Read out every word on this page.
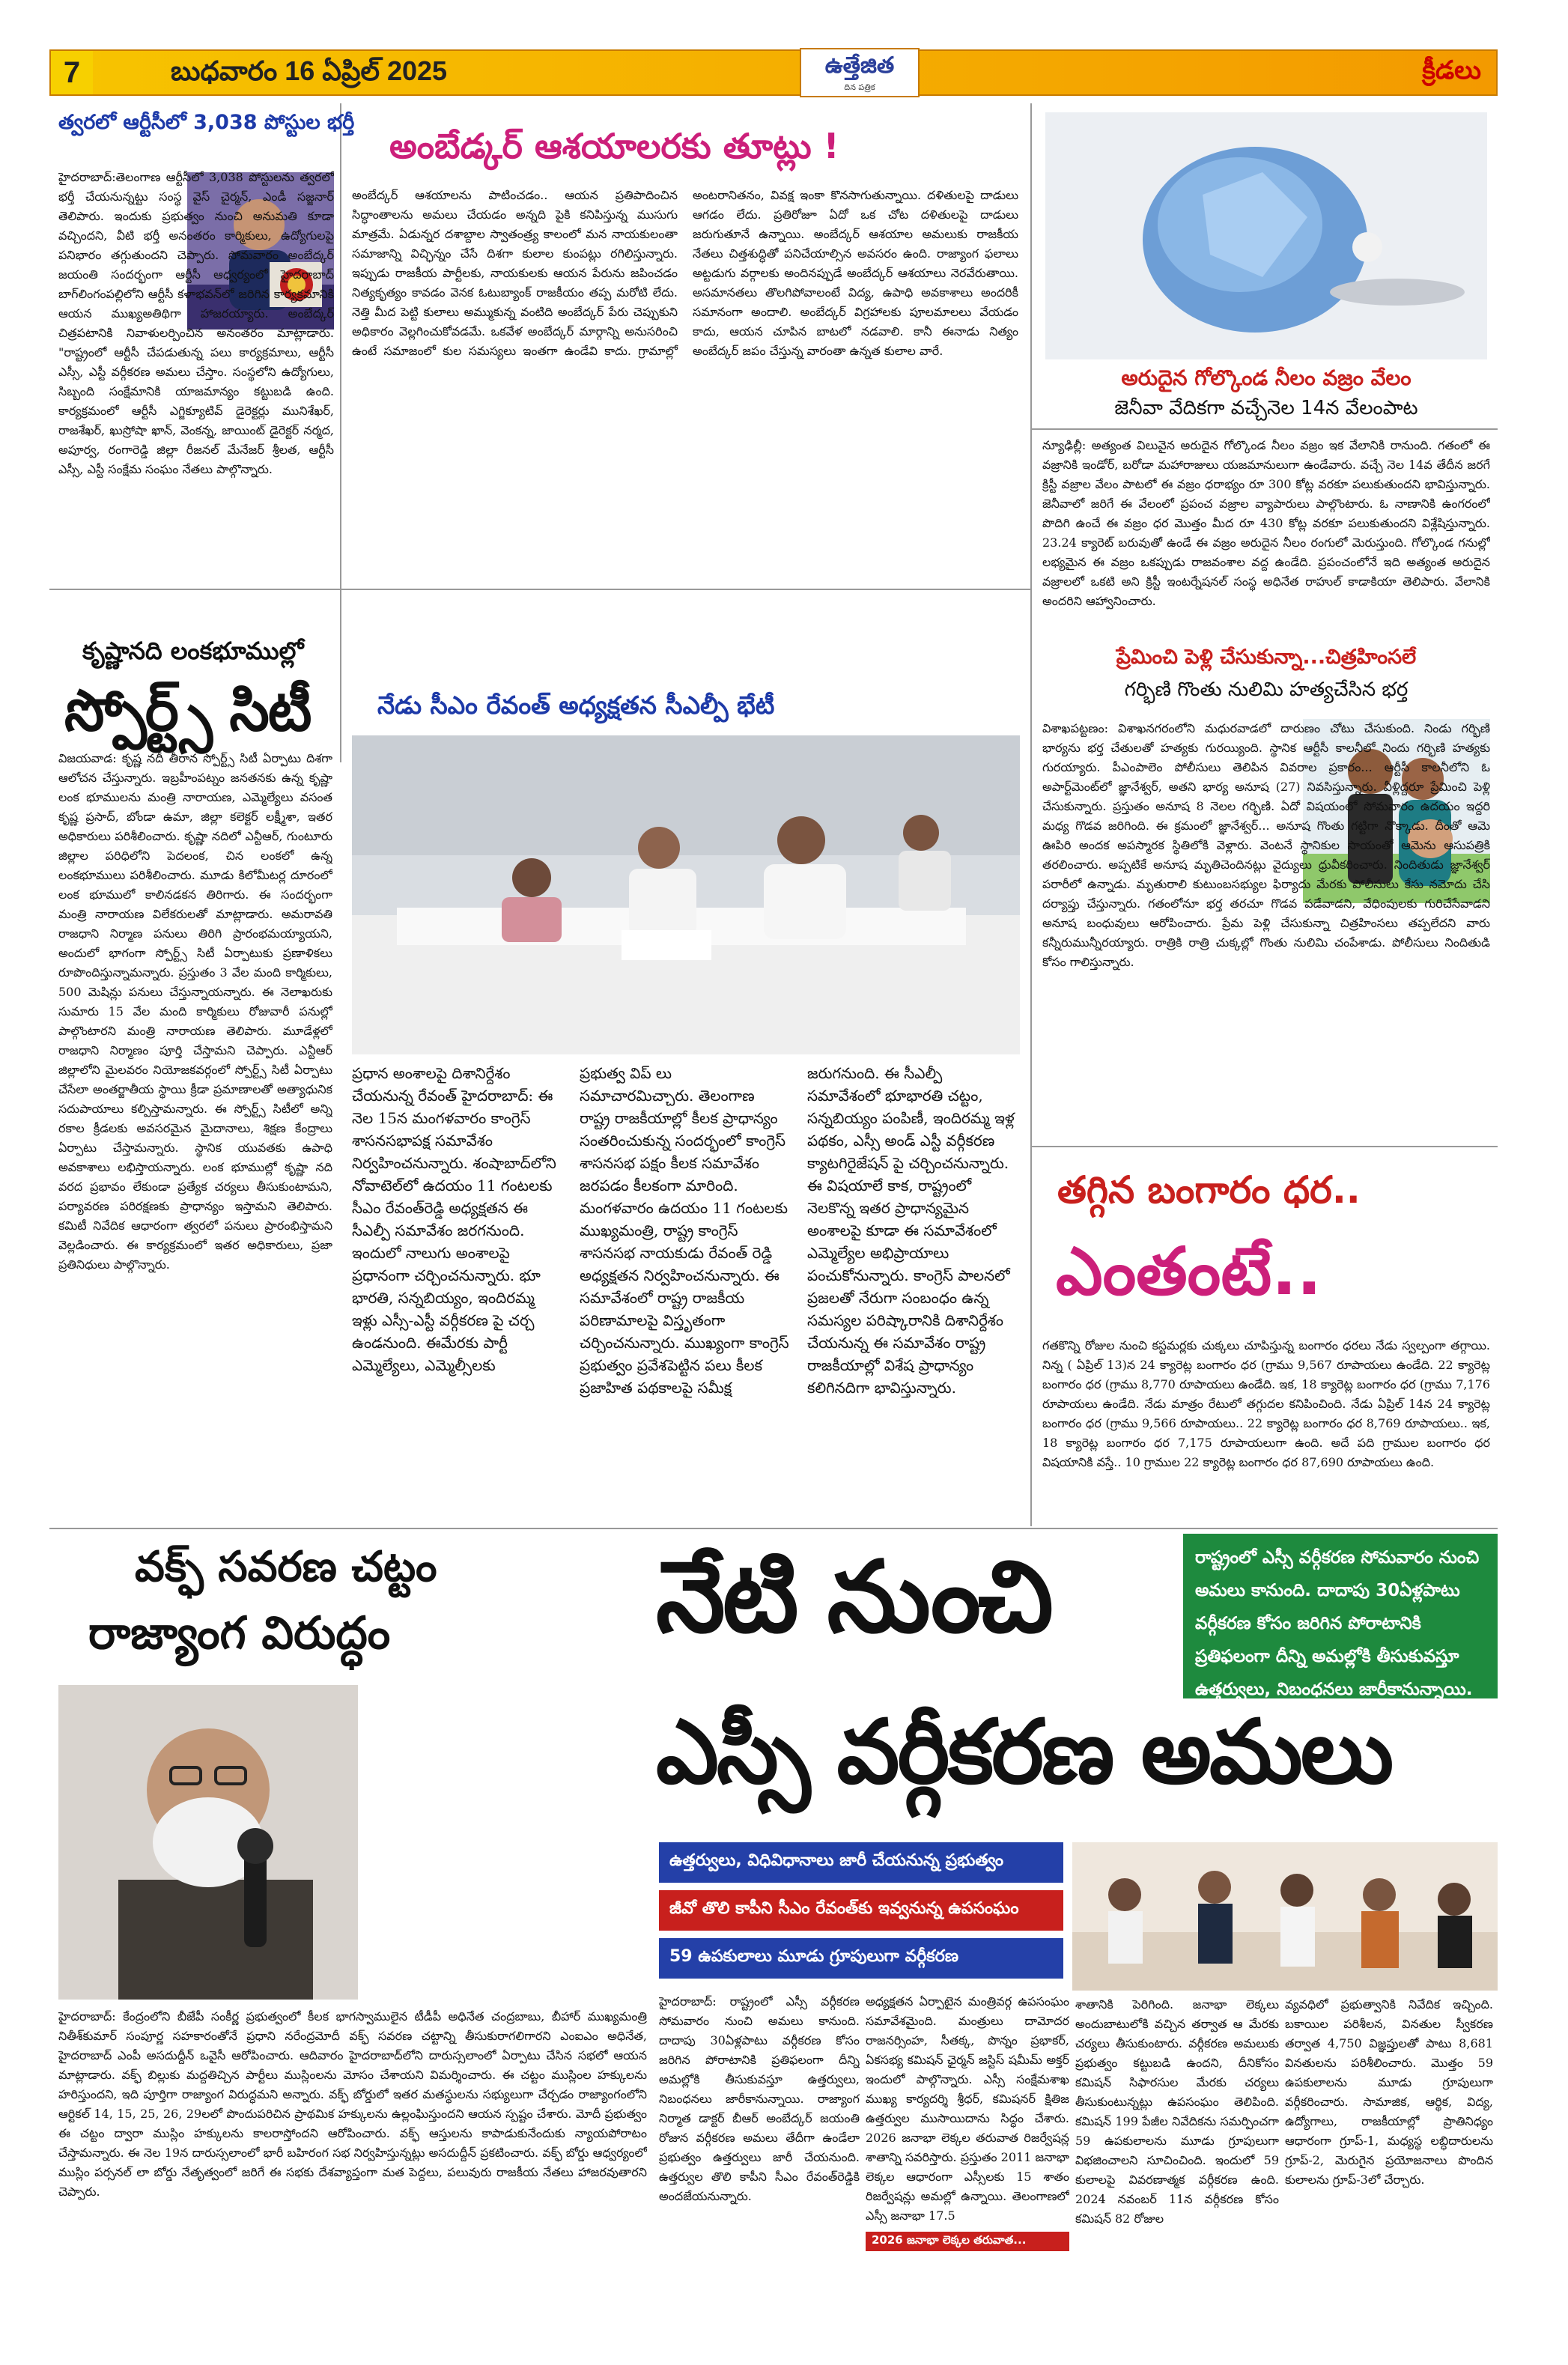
7	బుధవారం 16 ఏప్రిల్ 2025	ఉత్తేజిత
దిన పత్రిక
క్రీడలు
త్వరలో ఆర్టీసీలో 3,038 పోస్టుల భర్తీ
హైదరాబాద్:తెలంగాణ ఆర్టీసీలో 3,038 పోస్టులను త్వరలో భర్తీ చేయనున్నట్టు సంస్థ వైస్ చైర్మన్, ఎండీ సజ్జనార్ తెలిపారు. ఇందుకు ప్రభుత్వం నుంచి అనుమతి కూడా వచ్చిందని, వీటి భర్తీ అనంతరం కార్మికులు, ఉద్యోగులపై పనిభారం తగ్గుతుందని చెప్పారు. సోమవారం అంబేద్కర్ జయంతి సందర్భంగా ఆర్టీసీ ఆధ్వర్యంలో హైదరాబాద్ బాగ్‌లింగంపల్లిలోని ఆర్టీసీ కళాభవన్‌లో జరిగిన కార్యక్రమానికి ఆయన ముఖ్యఅతిథిగా హాజరయ్యారు. అంబేద్కర్ చిత్రపటానికి నివాళులర్పించిన అనంతరం మాట్లాడారు. "రాష్ట్రంలో ఆర్టీసీ చేపడుతున్న పలు కార్యక్రమాలు, ఆర్టీసీ ఎస్సీ, ఎస్టీ వర్గీకరణ అమలు చేస్తాం. సంస్థలోని ఉద్యోగులు, సిబ్బంది సంక్షేమానికి యాజమాన్యం కట్టుబడి ఉంది. కార్యక్రమంలో ఆర్టీసీ ఎగ్జిక్యూటివ్ డైరెక్టర్లు మునిశేఖర్, రాజశేఖర్, ఖుస్రోషా ఖాన్, వెంకన్న, జాయింట్ డైరెక్టర్ నర్మద, అపూర్వ, రంగారెడ్డి జిల్లా రీజనల్ మేనేజర్ శ్రీలత, ఆర్టీసీ ఎస్సీ, ఎస్టీ సంక్షేమ సంఘం నేతలు పాల్గొన్నారు.
అంబేడ్కర్ ఆశయాలరకు తూట్లు !
అంబేద్కర్ ఆశయాలను పాటించడం.. ఆయన ప్రతిపాదించిన సిద్ధాంతాలను అమలు చేయడం అన్నది పైకి కనిపిస్తున్న ముసుగు మాత్రమే. ఏడున్నర దశాబ్దాల స్వాతంత్ర్య కాలంలో మన నాయకులంతా సమాజాన్ని విచ్ఛిన్నం చేసే దిశగా కులాల కుంపట్లు రగిలిస్తున్నారు. ఇప్పుడు రాజకీయ పార్టీలకు, నాయకులకు ఆయన పేరును జపించడం నిత్యకృత్యం కావడం వెనక ఓటుబ్యాంక్ రాజకీయం తప్ప మరోటి లేదు. నెత్తి మీద పెట్టి కులాలు అమ్ముకున్న వంటిది అంబేద్కర్ పేరు చెప్పుకుని అధికారం వెల్లగించుకోవడమే. ఒకవేళ అంబేద్కర్ మార్గాన్ని అనుసరించి ఉంటే సమాజంలో కుల సమస్యలు ఇంతగా ఉండేవి కాదు. గ్రామాల్లో అంటరానితనం, వివక్ష ఇంకా కొనసాగుతున్నాయి. దళితులపై దాడులు ఆగడం లేదు. ప్రతిరోజూ ఏదో ఒక చోట దళితులపై దాడులు జరుగుతూనే ఉన్నాయి. అంబేద్కర్ ఆశయాల అమలుకు రాజకీయ నేతలు చిత్తశుద్ధితో పనిచేయాల్సిన అవసరం ఉంది. రాజ్యాంగ ఫలాలు అట్టడుగు వర్గాలకు అందినప్పుడే అంబేద్కర్ ఆశయాలు నెరవేరుతాయి. అసమానతలు తొలగిపోవాలంటే విద్య, ఉపాధి అవకాశాలు అందరికీ సమానంగా అందాలి. అంబేద్కర్ విగ్రహాలకు పూలమాలలు వేయడం కాదు, ఆయన చూపిన బాటలో నడవాలి. కానీ ఈనాడు నిత్యం అంబేద్కర్ జపం చేస్తున్న వారంతా ఉన్నత కులాల వారే.
అరుదైన గోల్కొండ నీలం వజ్రం వేలం
జెనీవా వేదికగా వచ్చేనెల 14న వేలంపాట
న్యూఢిల్లీ: అత్యంత విలువైన అరుదైన గోల్కొండ నీలం వజ్రం ఇక వేలానికి రానుంది. గతంలో ఈ వజ్రానికి ఇండోర్, బరోడా మహారాజులు యజమానులుగా ఉండేవారు. వచ్చే నెల 14వ తేదీన జరగే క్రిస్టీ వజ్రాల వేలం పాటలో ఈ వజ్రం ధరాభ్యం రూ 300 కోట్ల వరకూ పలుకుతుందని భావిస్తున్నారు. జెనీవాలో జరిగే ఈ వేలంలో ప్రపంచ వజ్రాల వ్యాపారులు పాల్గొంటారు. ఓ నాణానికి ఉంగరంలో పొదిగి ఉంచే ఈ వజ్రం ధర మొత్తం మీద రూ 430 కోట్ల వరకూ పలుకుతుందని విశ్లేషిస్తున్నారు. 23.24 క్యారెట్ బరువుతో ఉండే ఈ వజ్రం అరుదైన నీలం రంగులో మెరుస్తుంది. గోల్కొండ గనుల్లో లభ్యమైన ఈ వజ్రం ఒకప్పుడు రాజవంశాల వద్ద ఉండేది. ప్రపంచంలోనే ఇది అత్యంత అరుదైన వజ్రాలలో ఒకటి అని క్రిస్టీ ఇంటర్నేషనల్ సంస్థ అధినేత రాహుల్ కాడాకియా తెలిపారు. వేలానికి అందరిని ఆహ్వానించారు.
ప్రేమించి పెళ్లి చేసుకున్నా...చిత్రహింసలే
గర్భిణి గొంతు నులిమి హత్యచేసిన భర్త
విశాఖపట్టణం: విశాఖనగరంలోని మధురవాడలో దారుణం చోటు చేసుకుంది. నిండు గర్భిణి భార్యను భర్త చేతులతో హత్యకు గురయ్యింది. స్థానిక ఆర్టీసీ కాలనీలో నిందు గర్భిణి హత్యకు గురయ్యారు. పీఎంపాలెం పోలీసులు తెలిపిన వివరాల ప్రకారం... ఆర్టీసీ కాలనీలోని ఓ అపార్ట్‌మెంట్‌లో జ్ఞానేశ్వర్, అతని భార్య అనూష (27) నివసిస్తున్నారు. వీళ్లిద్దరూ ప్రేమించి పెళ్లి చేసుకున్నారు. ప్రస్తుతం అనూష 8 నెలల గర్భిణి. ఏదో విషయంలో సోమవారం ఉదయం ఇద్దరి మధ్య గొడవ జరిగింది. ఈ క్రమంలో జ్ఞానేశ్వర్... అనూష గొంతు గట్టిగా నొక్కాడు. దీంతో ఆమె ఊపిరి అందక అపస్మారక స్థితిలోకి వెళ్లారు. వెంటనే స్థానికుల సాయంతో ఆమెను ఆసుపత్రికి తరలించారు. అప్పటికే అనూష మృతిచెందినట్లు వైద్యులు ధ్రువీకరించారు. నిందితుడు జ్ఞానేశ్వర్ పరారీలో ఉన్నాడు. మృతురాలి కుటుంబసభ్యుల ఫిర్యాదు మేరకు పోలీసులు కేసు నమోదు చేసి దర్యాప్తు చేస్తున్నారు. గతంలోనూ భర్త తరచూ గొడవ పడేవాడని, వేధింపులకు గురిచేసేవాడని అనూష బంధువులు ఆరోపించారు. ప్రేమ పెళ్లి చేసుకున్నా చిత్రహింసలు తప్పలేదని వారు కన్నీరుమున్నీరయ్యారు. రాత్రికి రాత్రి చుక్కల్లో గొంతు నులిమి చంపేశాడు. పోలీసులు నిందితుడి కోసం గాలిస్తున్నారు.
కృష్ణానది లంకభూముల్లో
స్పోర్ట్స్ సిటీ
విజయవాడ: కృష్ణ నదీ తీరాన స్పోర్ట్స్ సిటీ ఏర్పాటు దిశగా ఆలోచన చేస్తున్నారు. ఇబ్రహీంపట్నం జనతనకు ఉన్న కృష్ణా లంక భూములను మంత్రి నారాయణ, ఎమ్మెల్యేలు వసంత కృష్ణ ప్రసాద్, బోండా ఉమా, జిల్లా కలెక్టర్ లక్ష్మీశా, ఇతర అధికారులు పరిశీలించారు. కృష్ణా నదిలో ఎన్టీఆర్, గుంటూరు జిల్లాల పరిధిలోని పెదలంక, చిన లంకలో ఉన్న లంకభూములు పరిశీలించారు. మూడు కిలోమీటర్ల దూరంలో లంక భూములో కాలినడకన తిరిగారు. ఈ సందర్భంగా మంత్రి నారాయణ విలేకరులతో మాట్లాడారు. అమరావతి రాజధాని నిర్మాణ పనులు తిరిగి ప్రారంభమయ్యాయని, అందులో భాగంగా స్పోర్ట్స్ సిటీ ఏర్పాటుకు ప్రణాళికలు రూపొందిస్తున్నామన్నారు. ప్రస్తుతం 3 వేల మంది కార్మికులు, 500 మెషిన్లు పనులు చేస్తున్నాయన్నారు. ఈ నెలాఖరుకు సుమారు 15 వేల మంది కార్మికులు రోజువారీ పనుల్లో పాల్గొంటారని మంత్రి నారాయణ తెలిపారు. మూడేళ్లలో రాజధాని నిర్మాణం పూర్తి చేస్తామని చెప్పారు. ఎన్టీఆర్ జిల్లాలోని మైలవరం నియోజకవర్గంలో స్పోర్ట్స్ సిటీ ఏర్పాటు చేసేలా అంతర్జాతీయ స్థాయి క్రీడా ప్రమాణాలతో అత్యాధునిక సదుపాయాలు కల్పిస్తామన్నారు. ఈ స్పోర్ట్స్ సిటీలో అన్ని రకాల క్రీడలకు అవసరమైన మైదానాలు, శిక్షణ కేంద్రాలు ఏర్పాటు చేస్తామన్నారు. స్థానిక యువతకు ఉపాధి అవకాశాలు లభిస్తాయన్నారు. లంక భూముల్లో కృష్ణా నది వరద ప్రభావం లేకుండా ప్రత్యేక చర్యలు తీసుకుంటామని, పర్యావరణ పరిరక్షణకు ప్రాధాన్యం ఇస్తామని తెలిపారు. కమిటీ నివేదిక ఆధారంగా త్వరలో పనులు ప్రారంభిస్తామని వెల్లడించారు. ఈ కార్యక్రమంలో ఇతర అధికారులు, ప్రజా ప్రతినిధులు పాల్గొన్నారు.
నేడు సీఎం రేవంత్ అధ్యక్షతన సీఎల్పీ భేటీ
ప్రధాన అంశాలపై దిశానిర్దేశం చేయనున్న రేవంత్ హైదరాబాద్: ఈ నెల 15న మంగళవారం కాంగ్రెస్ శాసనసభాపక్ష సమావేశం నిర్వహించనున్నారు. శంషాబాద్‌లోని నోవాటెల్‌లో ఉదయం 11 గంటలకు సీఎం రేవంత్‌రెడ్డి అధ్యక్షతన ఈ సీఎల్పీ సమావేశం జరగనుంది. ఇందులో నాలుగు అంశాలపై ప్రధానంగా చర్చించనున్నారు. భూ భారతి, సన్నబియ్యం, ఇందిరమ్మ ఇళ్లు ఎస్సీ-ఎస్టీ వర్గీకరణ పై చర్చ ఉండనుంది. ఈమేరకు పార్టీ ఎమ్మెల్యేలు, ఎమ్మెల్సీలకు
ప్రభుత్వ విప్ లు సమాచారమిచ్చారు. తెలంగాణ రాష్ట్ర రాజకీయాల్లో కీలక ప్రాధాన్యం సంతరించుకున్న సందర్భంలో కాంగ్రెస్ శాసనసభ పక్షం కీలక సమావేశం జరపడం కీలకంగా మారింది. మంగళవారం ఉదయం 11 గంటలకు ముఖ్యమంత్రి, రాష్ట్ర కాంగ్రెస్ శాసనసభ నాయకుడు రేవంత్ రెడ్డి అధ్యక్షతన నిర్వహించనున్నారు. ఈ సమావేశంలో రాష్ట్ర రాజకీయ పరిణామాలపై విస్తృతంగా చర్చించనున్నారు. ముఖ్యంగా కాంగ్రెస్ ప్రభుత్వం ప్రవేశపెట్టిన పలు కీలక ప్రజాహిత పథకాలపై సమీక్ష
జరుగనుంది. ఈ సీఎల్పీ సమావేశంలో భూభారతి చట్టం, సన్నబియ్యం పంపిణీ, ఇందిరమ్మ ఇళ్ల పథకం, ఎస్సీ అండ్ ఎస్టీ వర్గీకరణ క్యాటగిరైజేషన్ పై చర్చించనున్నారు. ఈ విషయాలే కాక, రాష్ట్రంలో నెలకొన్న ఇతర ప్రాధాన్యమైన అంశాలపై కూడా ఈ సమావేశంలో ఎమ్మెల్యేల అభిప్రాయాలు పంచుకోనున్నారు. కాంగ్రెస్ పాలనలో ప్రజలతో నేరుగా సంబంధం ఉన్న సమస్యల పరిష్కారానికి దిశానిర్దేశం చేయనున్న ఈ సమావేశం రాష్ట్ర రాజకీయాల్లో విశేష ప్రాధాన్యం కలిగినదిగా భావిస్తున్నారు.
తగ్గిన బంగారం ధర..
ఎంతంటే..
గతకొన్ని రోజుల నుంచి కస్టమర్లకు చుక్కలు చూపిస్తున్న బంగారం ధరలు నేడు స్వల్పంగా తగ్గాయి. నిన్న ( ఏప్రిల్ 13)న 24 క్యారెట్ల బంగారం ధర (గ్రాము 9,567 రూపాయలు ఉండేది. 22 క్యారెట్ల బంగారం ధర (గ్రాము 8,770 రూపాయలు ఉండేది. ఇక, 18 క్యారెట్ల బంగారం ధర (గ్రాము 7,176 రూపాయలు ఉండేది. నేడు మాత్రం రేటులో తగ్గుదల కనిపించింది. నేడు ఏప్రిల్ 14న 24 క్యారెట్ల బంగారం ధర (గ్రాము 9,566 రూపాయలు.. 22 క్యారెట్ల బంగారం ధర 8,769 రూపాయలు.. ఇక, 18 క్యారెట్ల బంగారం ధర 7,175 రూపాయలుగా ఉంది. అదే పది గ్రాముల బంగారం ధర విషయానికి వస్తే.. 10 గ్రాముల 22 క్యారెట్ల బంగారం ధర 87,690 రూపాయలు ఉంది.
వక్ఫ్ సవరణ చట్టం
రాజ్యాంగ విరుద్ధం
హైదరాబాద్: కేంద్రంలోని బీజేపీ సంకీర్ణ ప్రభుత్వంలో కీలక భాగస్వాములైన టీడీపీ అధినేత చంద్రబాబు, బీహార్ ముఖ్యమంత్రి నితీశ్‌కుమార్ సంపూర్ణ సహకారంతోనే ప్రధాని నరేంద్రమోదీ వక్ఫ్ సవరణ చట్టాన్ని తీసుకురాగలిగారని ఎంఐఎం అధినేత, హైదరాబాద్ ఎంపీ అసదుద్దీన్ ఒవైసీ ఆరోపించారు. ఆదివారం హైదరాబాద్‌లోని దారుస్సలాంలో ఏర్పాటు చేసిన సభలో ఆయన మాట్లాడారు. వక్ఫ్ బిల్లుకు మద్దతిచ్చిన పార్టీలు ముస్లింలను మోసం చేశాయని విమర్శించారు. ఈ చట్టం ముస్లింల హక్కులను హరిస్తుందని, ఇది పూర్తిగా రాజ్యాంగ విరుద్ధమని అన్నారు. వక్ఫ్ బోర్డులో ఇతర మతస్థులను సభ్యులుగా చేర్చడం రాజ్యాంగంలోని ఆర్టికల్ 14, 15, 25, 26, 29లలో పొందుపరిచిన ప్రాథమిక హక్కులను ఉల్లంఘిస్తుందని ఆయన స్పష్టం చేశారు. మోదీ ప్రభుత్వం ఈ చట్టం ద్వారా ముస్లిం హక్కులను కాలరాస్తోందని ఆరోపించారు. వక్ఫ్ ఆస్తులను కాపాడుకునేందుకు న్యాయపోరాటం చేస్తామన్నారు. ఈ నెల 19న దారుస్సలాంలో భారీ బహిరంగ సభ నిర్వహిస్తున్నట్లు అసదుద్దీన్ ప్రకటించారు. వక్ఫ్ బోర్డు ఆధ్వర్యంలో ముస్లిం పర్సనల్ లా బోర్డు నేతృత్వంలో జరిగే ఈ సభకు దేశవ్యాప్తంగా మత పెద్దలు, పలువురు రాజకీయ నేతలు హాజరవుతారని చెప్పారు.
రాష్ట్రంలో ఎస్సీ వర్గీకరణ సోమవారం నుంచి అమలు కానుంది. దాదాపు 30ఏళ్లపాటు వర్గీకరణ కోసం జరిగిన పోరాటానికి ప్రతిఫలంగా దీన్ని అమల్లోకి తీసుకువస్తూ ఉత్తర్వులు, నిబంధనలు జారీకానున్నాయి.
నేటి నుంచి
ఎస్సీ వర్గీకరణ అమలు
ఉత్తర్వులు, విధివిధానాలు జారీ చేయనున్న ప్రభుత్వం
జీవో తొలి కాపీని సీఎం రేవంత్‌కు ఇవ్వనున్న ఉపసంఘం
59 ఉపకులాలు మూడు గ్రూపులుగా వర్గీకరణ
హైదరాబాద్: రాష్ట్రంలో ఎస్సీ వర్గీకరణ సోమవారం నుంచి అమలు కానుంది. దాదాపు 30ఏళ్లపాటు వర్గీకరణ కోసం జరిగిన పోరాటానికి ప్రతిఫలంగా దీన్ని అమల్లోకి తీసుకువస్తూ ఉత్తర్వులు, నిబంధనలు జారీకానున్నాయి. రాజ్యాంగ నిర్మాత డాక్టర్ బీఆర్ అంబేద్కర్ జయంతి రోజున వర్గీకరణ అమలు తేదీగా ఉండేలా ప్రభుత్వం ఉత్తర్వులు జారీ చేయనుంది. ఉత్తర్వుల తొలి కాపీని సీఎం రేవంత్‌రెడ్డికి అందజేయనున్నారు.
2026 జనాభా లెక్కల తరువాత...
అధ్యక్షతన ఏర్పాటైన మంత్రివర్గ ఉపసంఘం సమావేశమైంది. మంత్రులు దామోదర రాజనర్సింహ, సీతక్క, పొన్నం ప్రభాకర్, ఏకసభ్య కమిషన్ ఛైర్మన్ జస్టిస్ షమీమ్ అక్తర్ ఇందులో పాల్గొన్నారు. ఎస్సీ సంక్షేమశాఖ ముఖ్య కార్యదర్శి శ్రీధర్, కమిషనర్ క్షితిజ ఉత్తర్వుల ముసాయిదాను సిద్ధం చేశారు. 2026 జనాభా లెక్కల తరువాత రిజర్వేషన్ల శాతాన్ని సవరిస్తారు. ప్రస్తుతం 2011 జనాభా లెక్కల ఆధారంగా ఎస్సీలకు 15 శాతం రిజర్వేషన్లు అమల్లో ఉన్నాయి. తెలంగాణలో ఎస్సీ జనాభా 17.5
శాతానికి పెరిగింది. జనాభా లెక్కలు అందుబాటులోకి వచ్చిన తర్వాత ఆ మేరకు చర్యలు తీసుకుంటారు. వర్గీకరణ అమలుకు ప్రభుత్వం కట్టుబడి ఉందని, దీనికోసం కమిషన్ సిఫారసుల మేరకు చర్యలు తీసుకుంటున్నట్లు ఉపసంఘం తెలిపింది. కమిషన్ 199 పేజీల నివేదికను సమర్పించగా 59 ఉపకులాలను మూడు గ్రూపులుగా విభజించాలని సూచించింది. ఇందులో 59 కులాలపై వివరణాత్మక వర్గీకరణ ఉంది. 2024 నవంబర్ 11న వర్గీకరణ కోసం కమిషన్ 82 రోజుల
వ్యవధిలో ప్రభుత్వానికి నివేదిక ఇచ్చింది. బకాయిల పరిశీలన, వినతుల స్వీకరణ తర్వాత 4,750 విజ్ఞప్తులతో పాటు 8,681 వినతులను పరిశీలించారు. మొత్తం 59 ఉపకులాలను మూడు గ్రూపులుగా వర్గీకరించారు. సామాజిక, ఆర్థిక, విద్య, ఉద్యోగాలు, రాజకీయాల్లో ప్రాతినిధ్యం ఆధారంగా గ్రూప్-1, మధ్యస్థ లబ్ధిదారులను గ్రూప్-2, మెరుగైన ప్రయోజనాలు పొందిన కులాలను గ్రూప్-3లో చేర్చారు.
